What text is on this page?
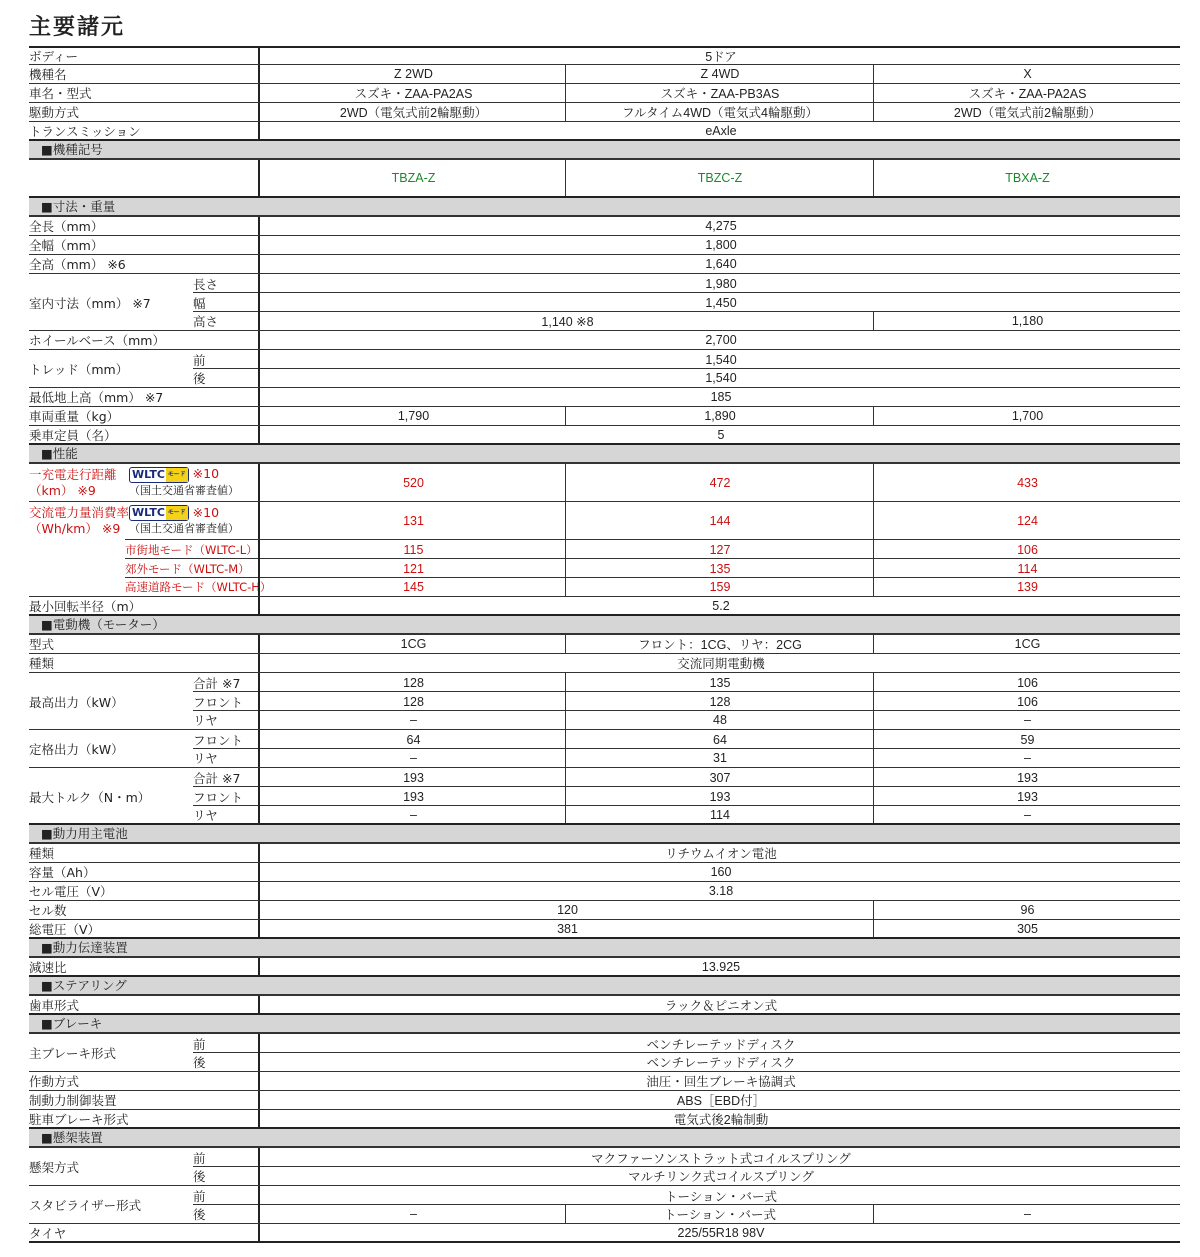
主要諸元
ボディー	5ドア
機種名	Z 2WD	Z 4WD	X
車名・型式	スズキ・ZAA-PA2AS	スズキ・ZAA-PB3AS	スズキ・ZAA-PA2AS
駆動方式	2WD（電気式前2輪駆動）	フルタイム4WD（電気式4輪駆動）	2WD（電気式前2輪駆動）
トランスミッション	eAxle
■機種記号
TBZA-Z	TBZC-Z	TBXA-Z
■寸法・重量
全長（mm）	4,275
全幅（mm）	1,800
全高（mm） ※6	1,640
室内寸法（mm） ※7
長さ	1,980
幅	1,450
高さ	1,140 ※8	1,180
ホイールベース（mm）	2,700
トレッド（mm）
前	1,540
後	1,540
最低地上高（mm） ※7	185
車両重量（kg）	1,790	1,890	1,700
乗車定員（名）	5
■性能
一充電走行距離
（km） ※9
WLTC モード ※10
（国土交通省審査値）
520	472	433
交流電力量消費率
（Wh/km） ※9
WLTC モード ※10
（国土交通省審査値）
131	144	124
市街地モード（WLTC-L）	115	127	106
郊外モード（WLTC-M）	121	135	114
高速道路モード（WLTC-H）	145	159	139
最小回転半径（m）	5.2
■電動機（モーター）
型式	1CG	フロント：1CG、リヤ：2CG	1CG
種類	交流同期電動機
最高出力（kW）
合計 ※7	128	135	106
フロント	128	128	106
リヤ	–	48	–
定格出力（kW）
フロント	64	64	59
リヤ	–	31	–
最大トルク（N・m）
合計 ※7	193	307	193
フロント	193	193	193
リヤ	–	114	–
■動力用主電池
種類	リチウムイオン電池
容量（Ah）	160
セル電圧（V）	3.18
セル数	120	96
総電圧（V）	381	305
■動力伝達装置
減速比	13.925
■ステアリング
歯車形式	ラック＆ピニオン式
■ブレーキ
主ブレーキ形式
前	ベンチレーテッドディスク
後	ベンチレーテッドディスク
作動方式	油圧・回生ブレーキ協調式
制動力制御装置	ABS［EBD付］
駐車ブレーキ形式	電気式後2輪制動
■懸架装置
懸架方式
前	マクファーソンストラット式コイルスプリング
後	マルチリンク式コイルスプリング
スタビライザー形式
前	トーション・バー式
後	–	トーション・バー式	–
タイヤ	225/55R18 98V
